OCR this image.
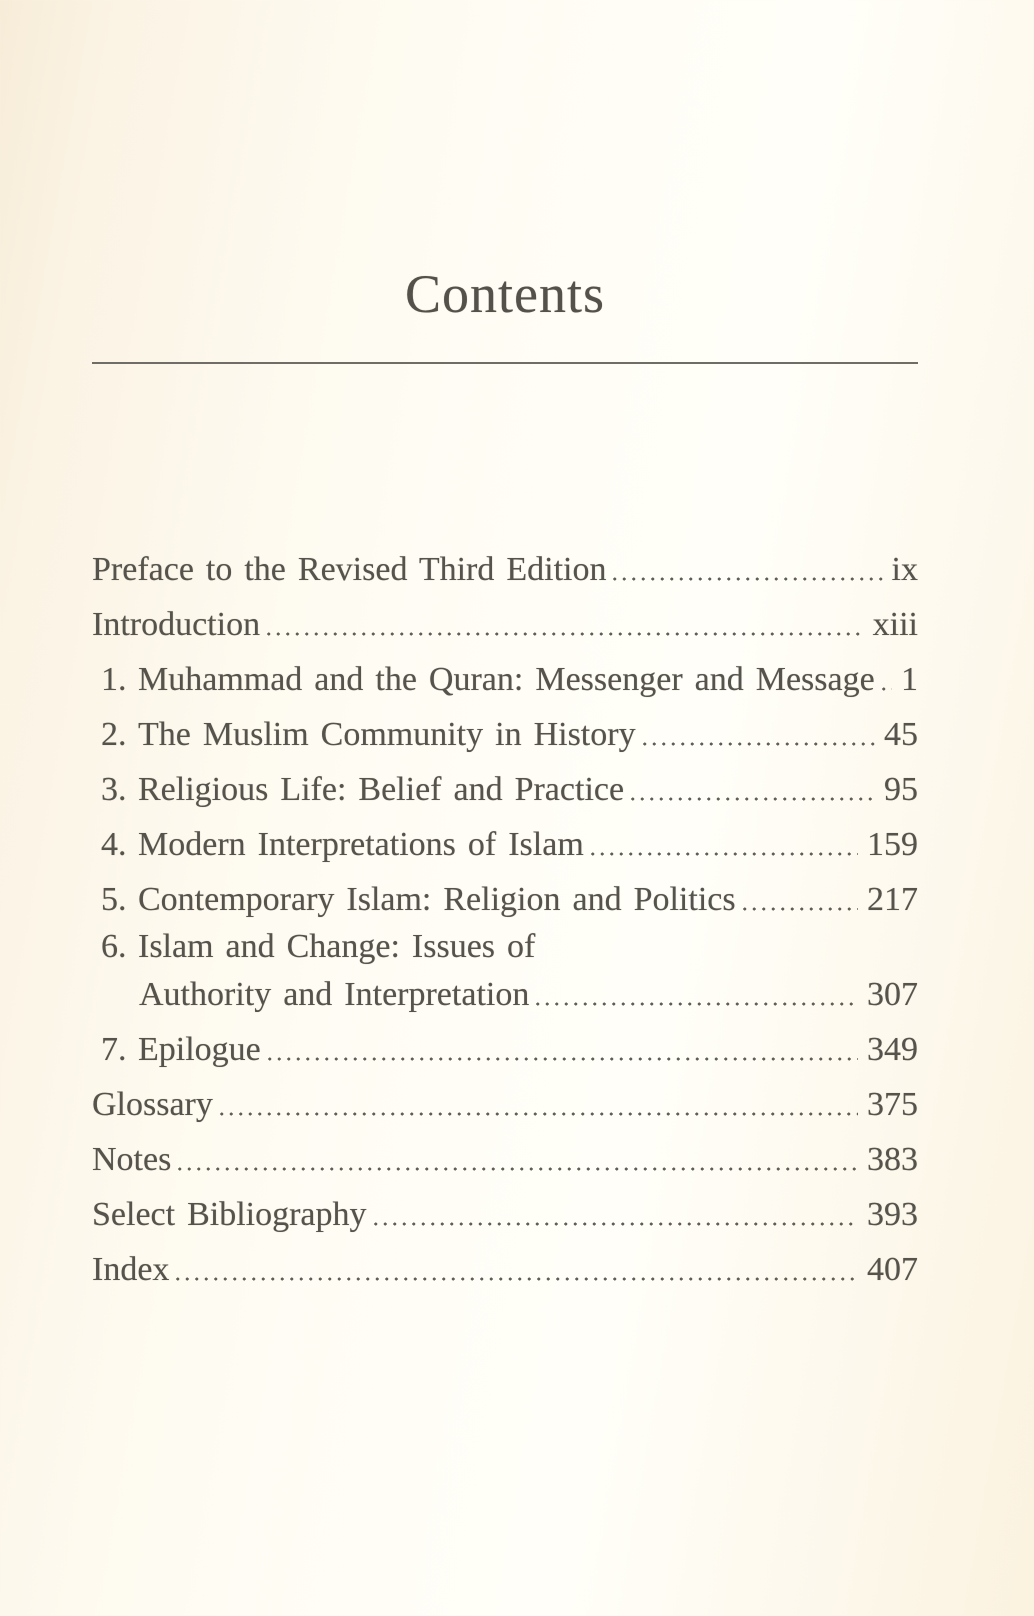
Contents
Preface to the Revised Third Edition	ix
Introduction	xiii
1. Muhammad and the Quran: Messenger and Message 1
2. The Muslim Community in History	45
3. Religious Life: Belief and Practice	95
4. Modern Interpretations of Islam	159
5. Contemporary Islam: Religion and Politics	217
6. Islam and Change: Issues of
Authority and Interpretation	307
7. Epilogue	349
Glossary	375
Notes	383
Select Bibliography	393
Index	407
